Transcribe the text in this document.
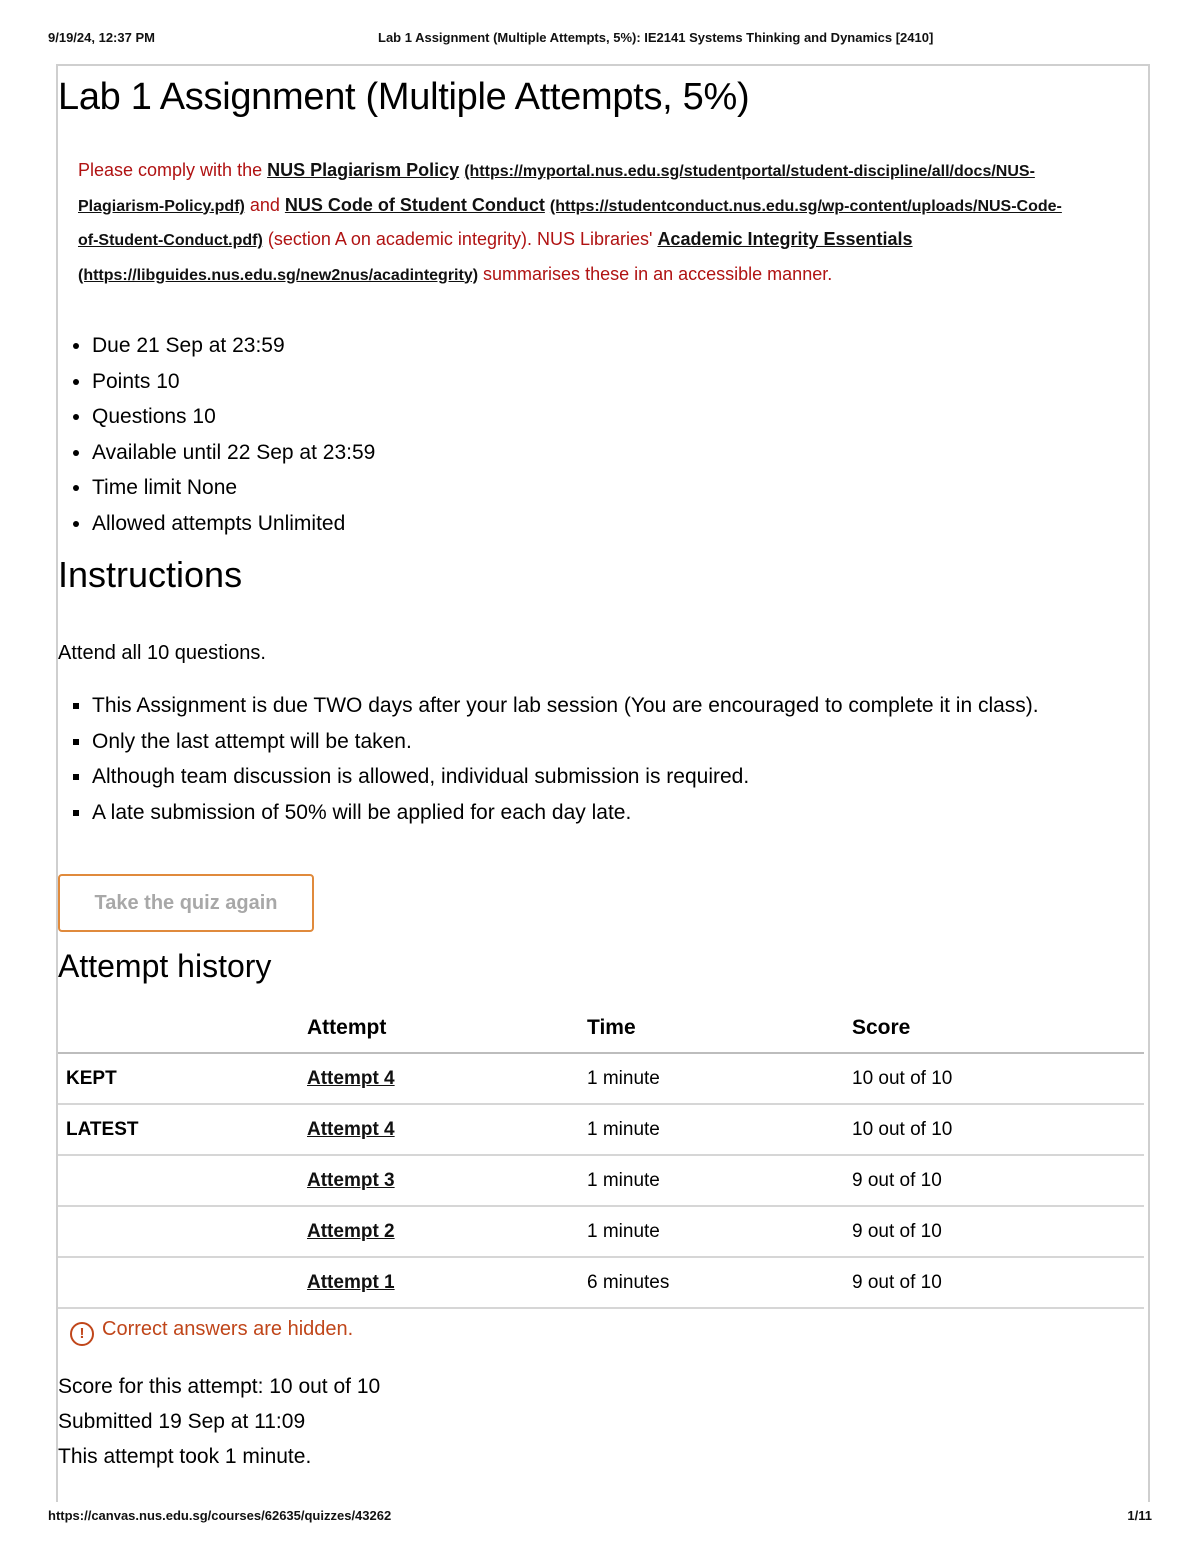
9/19/24, 12:37 PM	Lab 1 Assignment (Multiple Attempts, 5%): IE2141 Systems Thinking and Dynamics [2410]
Lab 1 Assignment (Multiple Attempts, 5%)

Please comply with the NUS Plagiarism Policy (https://myportal.nus.edu.sg/studentportal/student-discipline/all/docs/NUS-Plagiarism-Policy.pdf) and NUS Code of Student Conduct (https://studentconduct.nus.edu.sg/wp-content/uploads/NUS-Code-of-Student-Conduct.pdf) (section A on academic integrity). NUS Libraries' Academic Integrity Essentials (https://libguides.nus.edu.sg/new2nus/acadintegrity) summarises these in an accessible manner.

• Due 21 Sep at 23:59
• Points 10
• Questions 10
• Available until 22 Sep at 23:59
• Time limit None
• Allowed attempts Unlimited
Instructions

Attend all 10 questions.

▪ This Assignment is due TWO days after your lab session (You are encouraged to complete it in class).
▪ Only the last attempt will be taken.
▪ Although team discussion is allowed, individual submission is required.
▪ A late submission of 50% will be applied for each day late.
Take the quiz again
Attempt history
	Attempt	Time	Score
KEPT	Attempt 4	1 minute	10 out of 10
LATEST	Attempt 4	1 minute	10 out of 10
	Attempt 3	1 minute	9 out of 10
	Attempt 2	1 minute	9 out of 10
	Attempt 1	6 minutes	9 out of 10

! Correct answers are hidden.

Score for this attempt: 10 out of 10
Submitted 19 Sep at 11:09
This attempt took 1 minute.

https://canvas.nus.edu.sg/courses/62635/quizzes/43262	1/11
